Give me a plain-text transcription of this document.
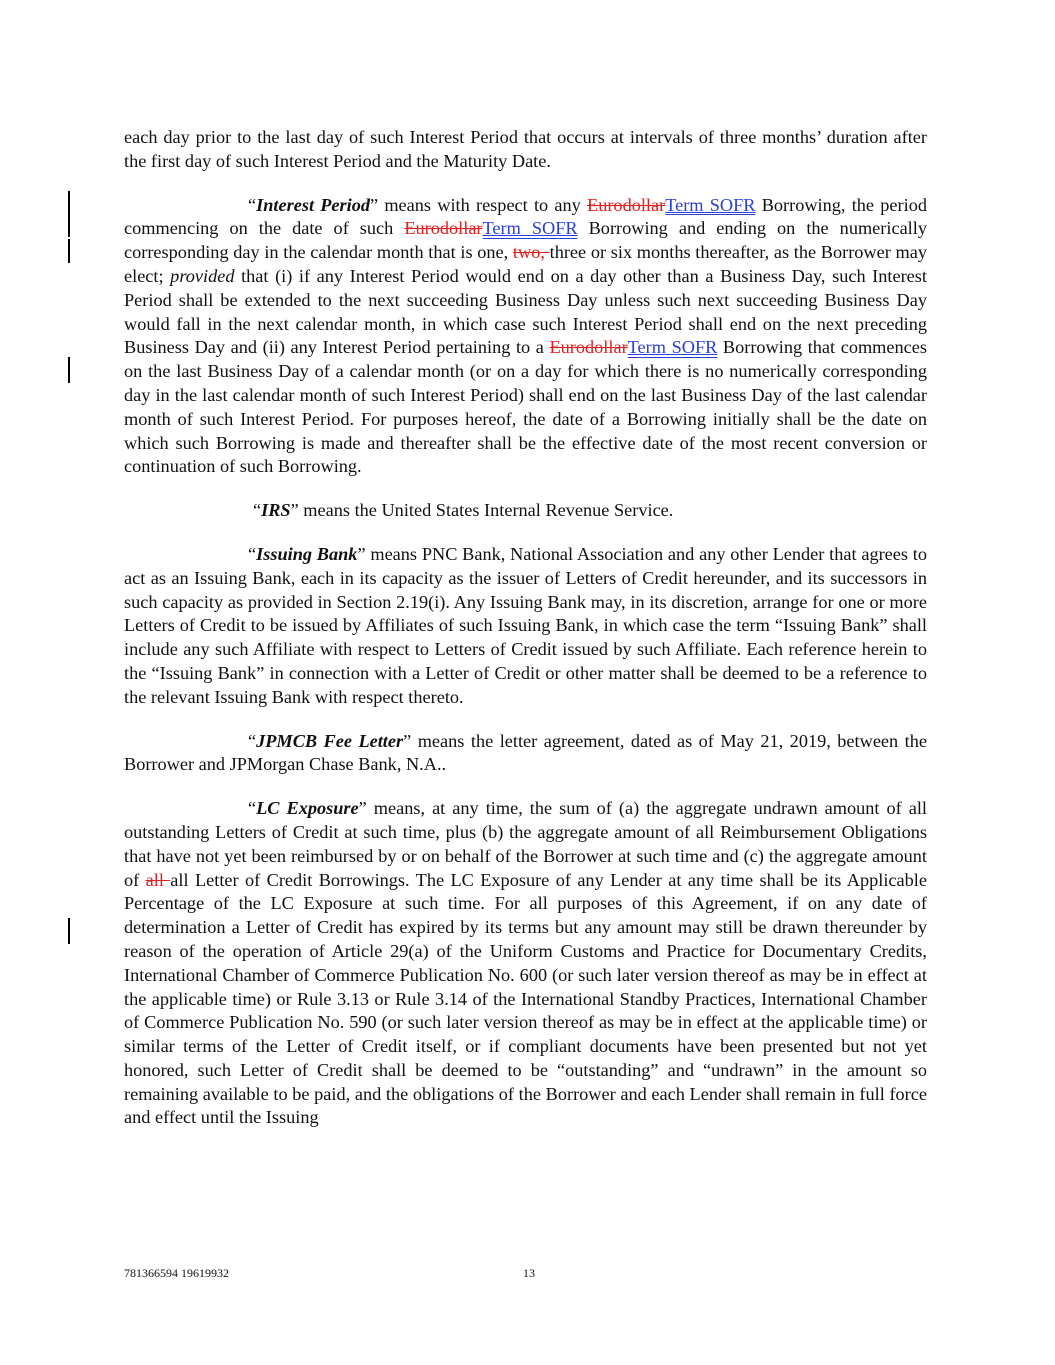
each day prior to the last day of such Interest Period that occurs at intervals of three months’ duration after the first day of such Interest Period and the Maturity Date.

“Interest Period” means with respect to any EurodollarTerm SOFR Borrowing, the period commencing on the date of such EurodollarTerm SOFR Borrowing and ending on the numerically corresponding day in the calendar month that is one, two, three or six months thereafter, as the Borrower may elect; provided that (i) if any Interest Period would end on a day other than a Business Day, such Interest Period shall be extended to the next succeeding Business Day unless such next succeeding Business Day would fall in the next calendar month, in which case such Interest Period shall end on the next preceding Business Day and (ii) any Interest Period pertaining to a EurodollarTerm SOFR Borrowing that commences on the last Business Day of a calendar month (or on a day for which there is no numerically corresponding day in the last calendar month of such Interest Period) shall end on the last Business Day of the last calendar month of such Interest Period. For purposes hereof, the date of a Borrowing initially shall be the date on which such Borrowing is made and thereafter shall be the effective date of the most recent conversion or continuation of such Borrowing.

“IRS” means the United States Internal Revenue Service.

“Issuing Bank” means PNC Bank, National Association and any other Lender that agrees to act as an Issuing Bank, each in its capacity as the issuer of Letters of Credit hereunder, and its successors in such capacity as provided in Section 2.19(i). Any Issuing Bank may, in its discretion, arrange for one or more Letters of Credit to be issued by Affiliates of such Issuing Bank, in which case the term “Issuing Bank” shall include any such Affiliate with respect to Letters of Credit issued by such Affiliate. Each reference herein to the “Issuing Bank” in connection with a Letter of Credit or other matter shall be deemed to be a reference to the relevant Issuing Bank with respect thereto.

“JPMCB Fee Letter” means the letter agreement, dated as of May 21, 2019, between the Borrower and JPMorgan Chase Bank, N.A..

“LC Exposure” means, at any time, the sum of (a) the aggregate undrawn amount of all outstanding Letters of Credit at such time, plus (b) the aggregate amount of all Reimbursement Obligations that have not yet been reimbursed by or on behalf of the Borrower at such time and (c) the aggregate amount of all all Letter of Credit Borrowings. The LC Exposure of any Lender at any time shall be its Applicable Percentage of the LC Exposure at such time. For all purposes of this Agreement, if on any date of determination a Letter of Credit has expired by its terms but any amount may still be drawn thereunder by reason of the operation of Article 29(a) of the Uniform Customs and Practice for Documentary Credits, International Chamber of Commerce Publication No. 600 (or such later version thereof as may be in effect at the applicable time) or Rule 3.13 or Rule 3.14 of the International Standby Practices, International Chamber of Commerce Publication No. 590 (or such later version thereof as may be in effect at the applicable time) or similar terms of the Letter of Credit itself, or if compliant documents have been presented but not yet honored, such Letter of Credit shall be deemed to be “outstanding” and “undrawn” in the amount so remaining available to be paid, and the obligations of the Borrower and each Lender shall remain in full force and effect until the Issuing

781366594 19619932	13
